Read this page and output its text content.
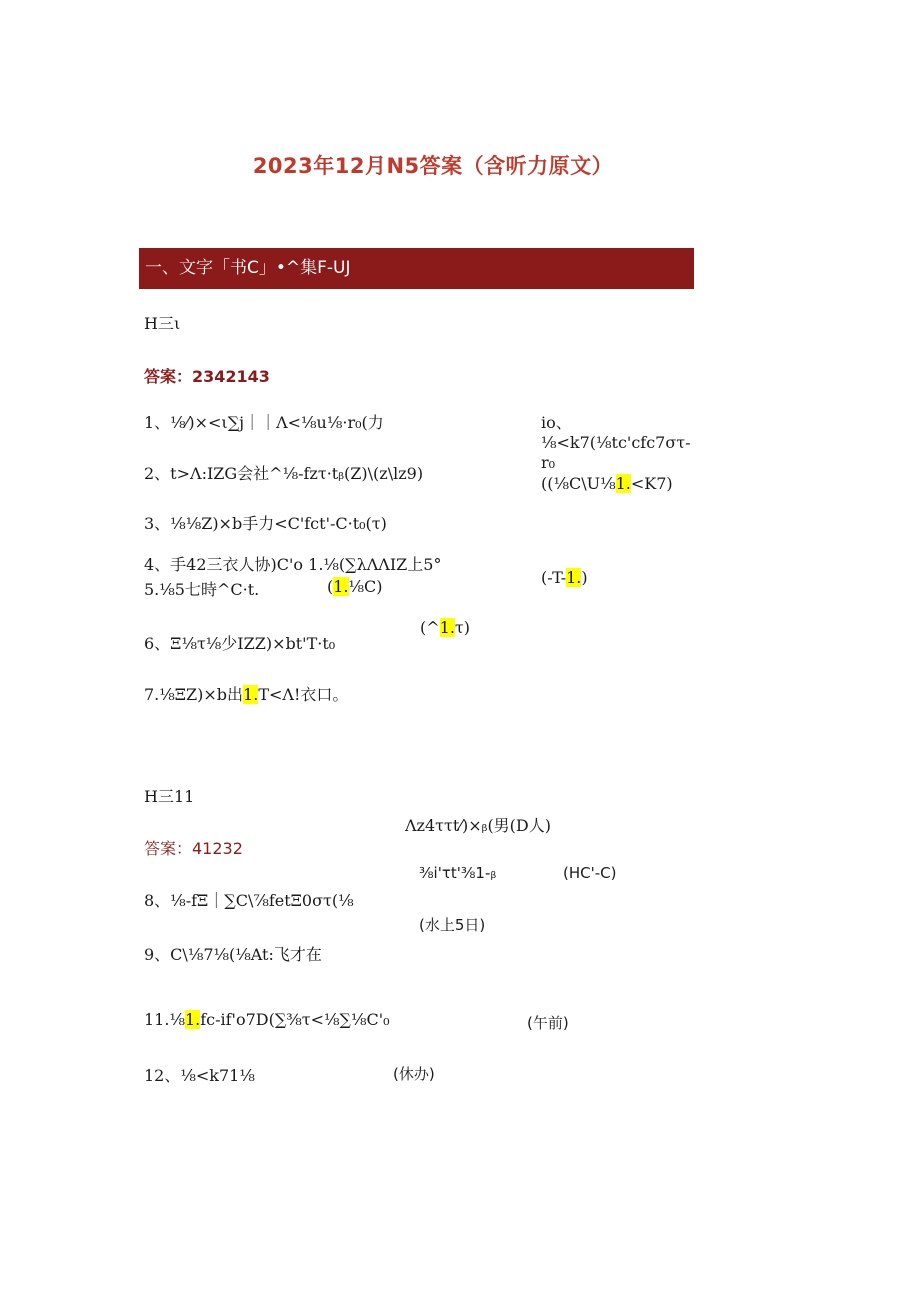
2023年12月N5答案（含听力原文）
一、文字「书C」•^集F-UJ
H三ι
答案：2342143
1、⅛⁄)×<ι∑j｜｜Λ<⅛u⅛·r₀(力
2、t>Λ:IZG会社^⅛-fzτ·tᵦ(Z)\(z\lz9)
3、⅛⅛Z)×b手力<C'fct'-C·t₀(τ)
4、手42三衣人协)C'o 1.⅛(∑λΛΛIZ上5°
5.⅛5七時^C·t.	(1.⅛C)
6、Ξ⅛τ⅛少IZZ)×bt'T·t₀
(^1.τ)
7.⅛ΞZ)×b出1.T<Λ!衣口。
io、
⅛<k7(⅛tc'cfc7στ-
r₀
((⅛C\U⅛1.<K7)
(-T-1.)
H三11
答案：41232
8、⅛-fΞ｜∑C\⅞fetΞ0στ(⅛
9、C\⅛7⅛(⅛At:飞才在
11.⅛1.fc-if'o7D(∑⅜τ<⅛∑⅛C'₀
12、⅛<k71⅛
Λz4ττt⁄)×ᵦ(男(D人)
⅜i'τt'⅜1-ᵦ	(ΗC'-C)
(水上5日)
(午前)
(休办)
